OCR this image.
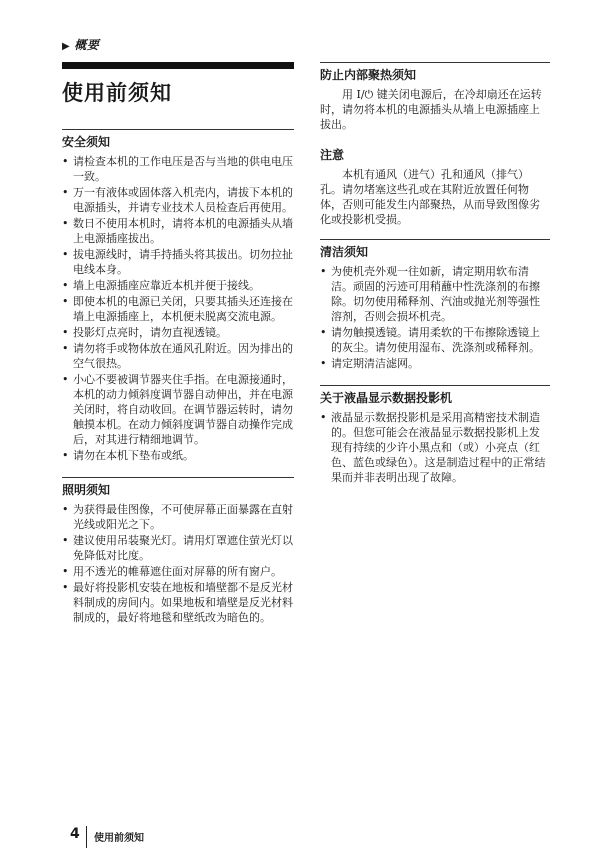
▶ 概要
使用前须知
安全须知
• 请检查本机的工作电压是否与当地的供电电压一致。
• 万一有液体或固体落入机壳内，请拔下本机的电源插头，并请专业技术人员检查后再使用。
• 数日不使用本机时，请将本机的电源插头从墙上电源插座拔出。
• 拔电源线时，请手持插头将其拔出。切勿拉扯电线本身。
• 墙上电源插座应靠近本机并便于接线。
• 即使本机的电源已关闭，只要其插头还连接在墙上电源插座上，本机便未脱离交流电源。
• 投影灯点亮时，请勿直视透镜。
• 请勿将手或物体放在通风孔附近。因为排出的空气很热。
• 小心不要被调节器夹住手指。在电源接通时，本机的动力倾斜度调节器自动伸出，并在电源关闭时，将自动收回。在调节器运转时，请勿触摸本机。在动力倾斜度调节器自动操作完成后，对其进行精细地调节。
• 请勿在本机下垫布或纸。
照明须知
• 为获得最佳图像，不可使屏幕正面暴露在直射光线或阳光之下。
• 建议使用吊装聚光灯。请用灯罩遮住萤光灯以免降低对比度。
• 用不透光的帷幕遮住面对屏幕的所有窗户。
• 最好将投影机安装在地板和墙壁都不是反光材料制成的房间内。如果地板和墙壁是反光材料制成的，最好将地毯和壁纸改为暗色的。
防止内部聚热须知

用 I/⏻ 键关闭电源后，在冷却扇还在运转时，请勿将本机的电源插头从墙上电源插座上拔出。

注意

本机有通风（进气）孔和通风（排气）孔。请勿堵塞这些孔或在其附近放置任何物体，否则可能发生内部聚热，从而导致图像劣化或投影机受损。

清洁须知
• 为使机壳外观一往如新，请定期用软布清洁。顽固的污迹可用稍蘸中性洗涤剂的布擦除。切勿使用稀释剂、汽油或抛光剂等强性溶剂，否则会损坏机壳。
• 请勿触摸透镜。请用柔软的干布擦除透镜上的灰尘。请勿使用湿布、洗涤剂或稀释剂。
• 请定期清洁滤网。
关于液晶显示数据投影机
• 液晶显示数据投影机是采用高精密技术制造的。但您可能会在液晶显示数据投影机上发现有持续的少许小黑点和（或）小亮点（红色、蓝色或绿色）。这是制造过程中的正常结果而并非表明出现了故障。
4 使用前须知
